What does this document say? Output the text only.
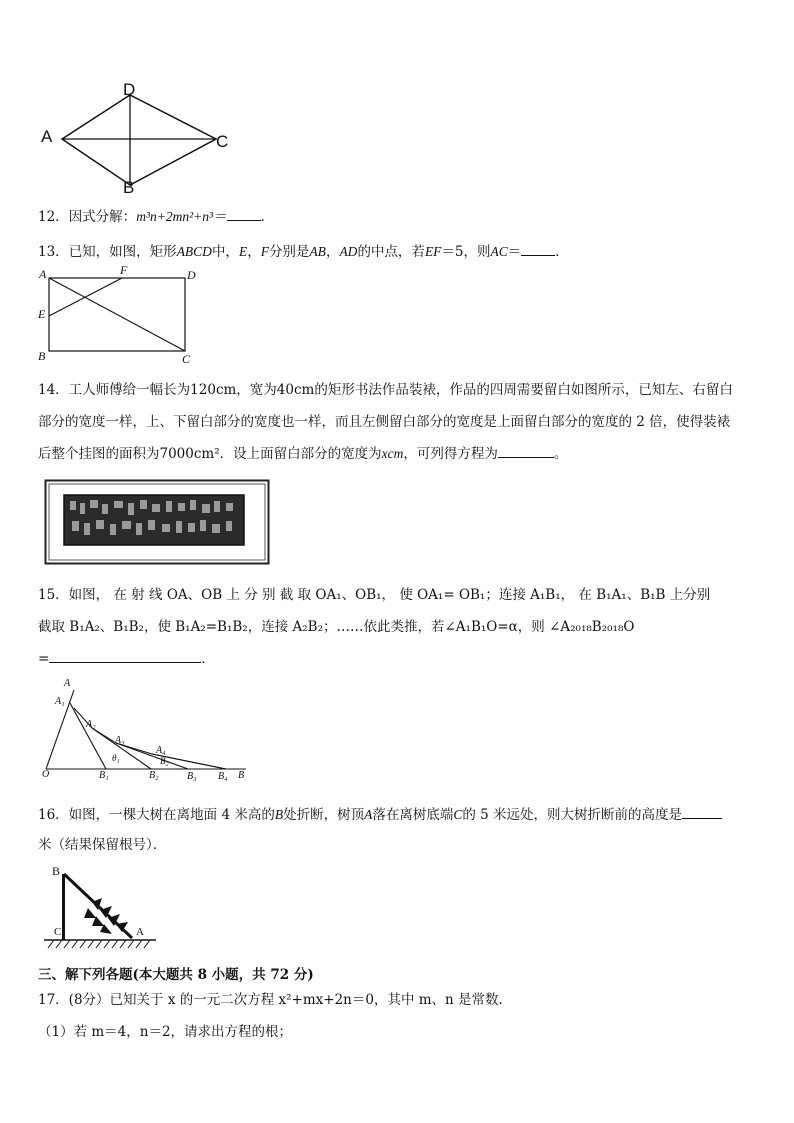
A
D
C
B
12．因式分解：m³n+2mn²+n³＝	．
13．已知，如图，矩形ABCD中，E，F分别是AB，AD的中点，若EF＝5，则AC＝	．
A	F	D
E
B	C
14．工人师傅给一幅长为120cm，宽为40cm的矩形书法作品装裱，作品的四周需要留白如图所示，已知左、右留白
部分的宽度一样，上、下留白部分的宽度也一样，而且左侧留白部分的宽度是上面留白部分的宽度的 2 倍，使得装裱
后整个挂图的面积为7000cm²．设上面留白部分的宽度为xcm，可列得方程为	。
15．如图， 在 射 线 OA、OB 上 分 别 截 取 OA₁、OB₁， 使 OA₁= OB₁；连接 A₁B₁， 在 B₁A₁、B₁B 上分别
截取 B₁A₂、B₁B₂，使 B₁A₂=B₁B₂，连接 A₂B₂；……依此类推，若∠A₁B₁O=α，则 ∠A₂₀₁₈B₂₀₁₈O
=	．
A
A₁
A₂
A₃
A₄
θ₁	B₂
O	B₁	B₂	B₃ B₄ B
16．如图，一棵大树在离地面 4 米高的B处折断，树顶A落在离树底端C的 5 米远处，则大树折断前的高度是
米（结果保留根号）．
B
C	A
三、解下列各题(本大题共 8 小题，共 72 分)
17．(8分）已知关于 x 的一元二次方程 x²+mx+2n＝0，其中 m、n 是常数．
（1）若 m＝4，n＝2，请求出方程的根；
